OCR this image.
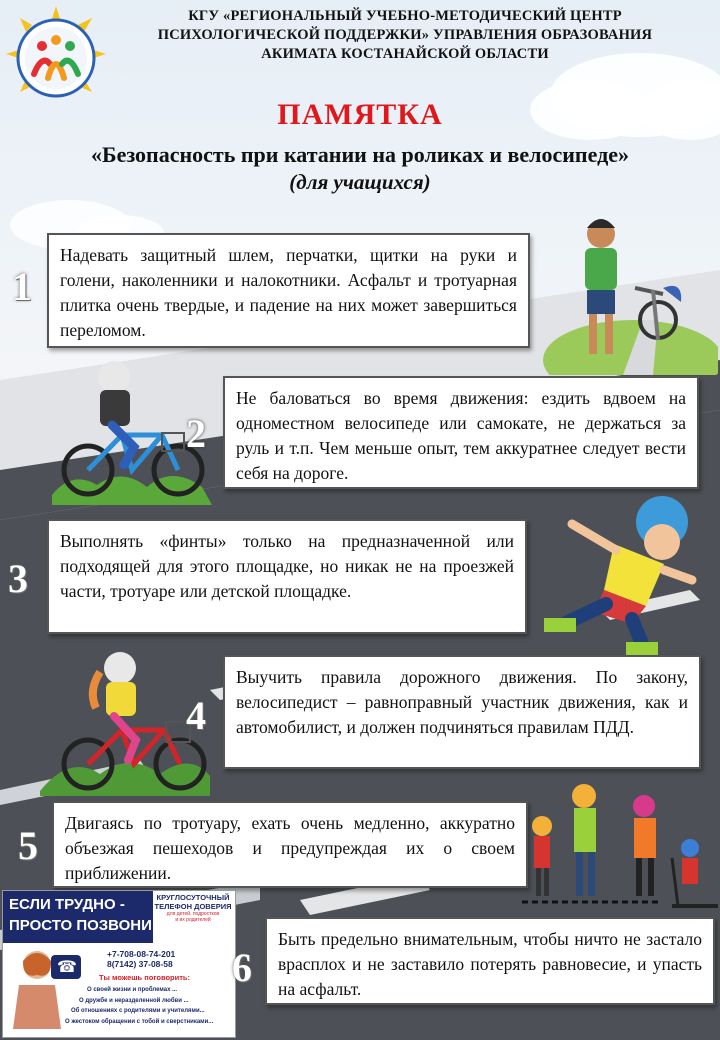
КГУ «РЕГИОНАЛЬНЫЙ УЧЕБНО-МЕТОДИЧЕСКИЙ ЦЕНТР
ПСИХОЛОГИЧЕСКОЙ ПОДДЕРЖКИ» УПРАВЛЕНИЯ ОБРАЗОВАНИЯ
АКИМАТА КОСТАНАЙСКОЙ ОБЛАСТИ
ПАМЯТКА
«Безопасность при катании на роликах и велосипеде»
(для учащихся)
1
Надевать защитный шлем, перчатки, щитки на руки и голени, наколенники и налокотники. Асфальт и тротуарная плитка очень твердые, и падение на них может завершиться переломом.
2
Не баловаться во время движения: ездить вдвоем на одноместном велосипеде или самокате, не держаться за руль и т.п. Чем меньше опыт, тем аккуратнее следует вести себя на дороге.
3
Выполнять «финты» только на предназначенной или подходящей для этого площадке, но никак не на проезжей части, тротуаре или детской площадке.
4
Выучить правила дорожного движения. По закону, велосипедист – равноправный участник движения, как и автомобилист, и должен подчиняться правилам ПДД.
5	Двигаясь по тротуару, ехать очень медленно, аккуратно объезжая пешеходов и предупреждая их о своем приближении.
ЕСЛИ ТРУДНО -
ПРОСТО ПОЗВОНИ
КРУГЛОСУТОЧНЫЙ
ТЕЛЕФОН ДОВЕРИЯ
для детей, подростков
и их родителей
☎
+7-708-08-74-201
8(7142) 37-08-58
Ты можешь поговорить:
О своей жизни и проблемах ...
О дружбе и неразделенной любви ...
Об отношениях с родителями и учителями...
О жестоком обращении с тобой и сверстниками...
6
Быть предельно внимательным, чтобы ничто не застало врасплох и не заставило потерять равновесие, и упасть на асфальт.
